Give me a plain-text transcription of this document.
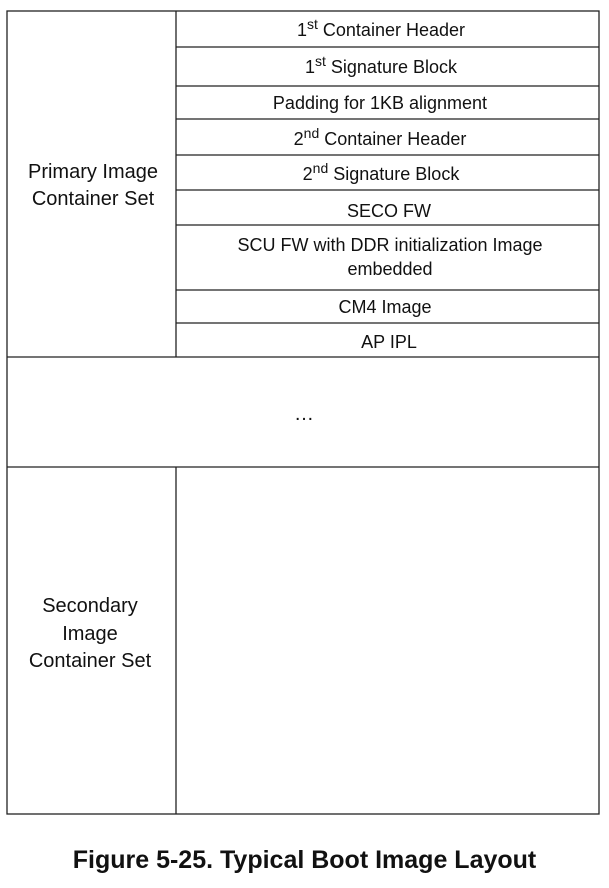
1st Container Header
1st Signature Block
Padding for 1KB alignment
2nd Container Header
2nd Signature Block
SECO FW
SCU FW with DDR initialization Image
embedded
CM4 Image
AP IPL
Primary Image
Container Set
…
Secondary
Image
Container Set
Figure 5-25. Typical Boot Image Layout
